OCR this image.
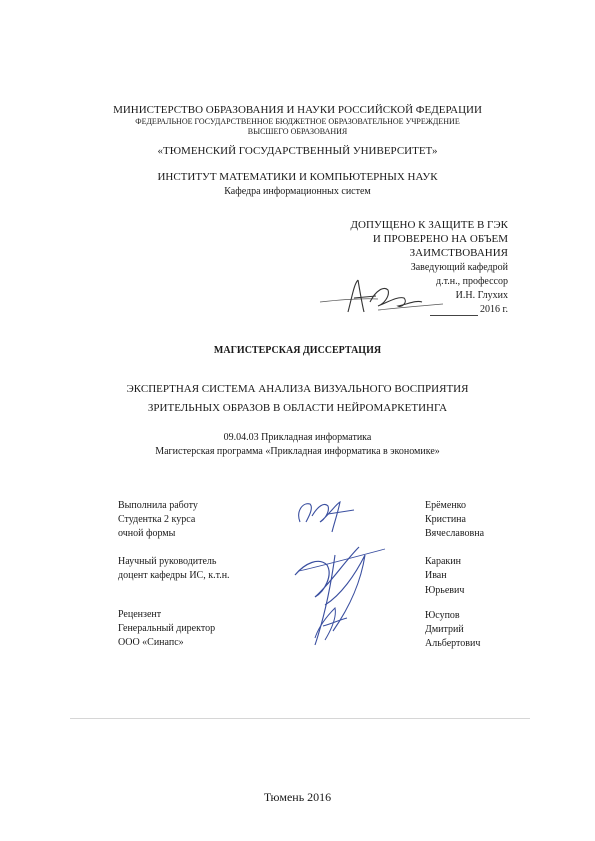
МИНИСТЕРСТВО ОБРАЗОВАНИЯ И НАУКИ РОССИЙСКОЙ ФЕДЕРАЦИИ
ФЕДЕРАЛЬНОЕ ГОСУДАРСТВЕННОЕ БЮДЖЕТНОЕ ОБРАЗОВАТЕЛЬНОЕ УЧРЕЖДЕНИЕ
ВЫСШЕГО ОБРАЗОВАНИЯ
«ТЮМЕНСКИЙ ГОСУДАРСТВЕННЫЙ УНИВЕРСИТЕТ»
ИНСТИТУТ МАТЕМАТИКИ И КОМПЬЮТЕРНЫХ НАУК
Кафедра информационных систем
ДОПУЩЕНО К ЗАЩИТЕ В ГЭК
И ПРОВЕРЕНО НА ОБЪЕМ
ЗАИМСТВОВАНИЯ
Заведующий кафедрой
д.т.н., профессор
И.Н. Глухих
2016 г.
МАГИСТЕРСКАЯ ДИССЕРТАЦИЯ
ЭКСПЕРТНАЯ СИСТЕМА АНАЛИЗА ВИЗУАЛЬНОГО ВОСПРИЯТИЯ
ЗРИТЕЛЬНЫХ ОБРАЗОВ В ОБЛАСТИ НЕЙРОМАРКЕТИНГА
09.04.03 Прикладная информатика
Магистерская программа «Прикладная информатика в экономике»
Выполнила работу
Студентка 2 курса
очной формы
Ерёменко
Кристина
Вячеславовна
Научный руководитель
доцент кафедры ИС, к.т.н.
Каракин
Иван
Юрьевич
Рецензент
Генеральный директор
ООО «Синапс»
Юсупов
Дмитрий
Альбертович
Тюмень 2016
